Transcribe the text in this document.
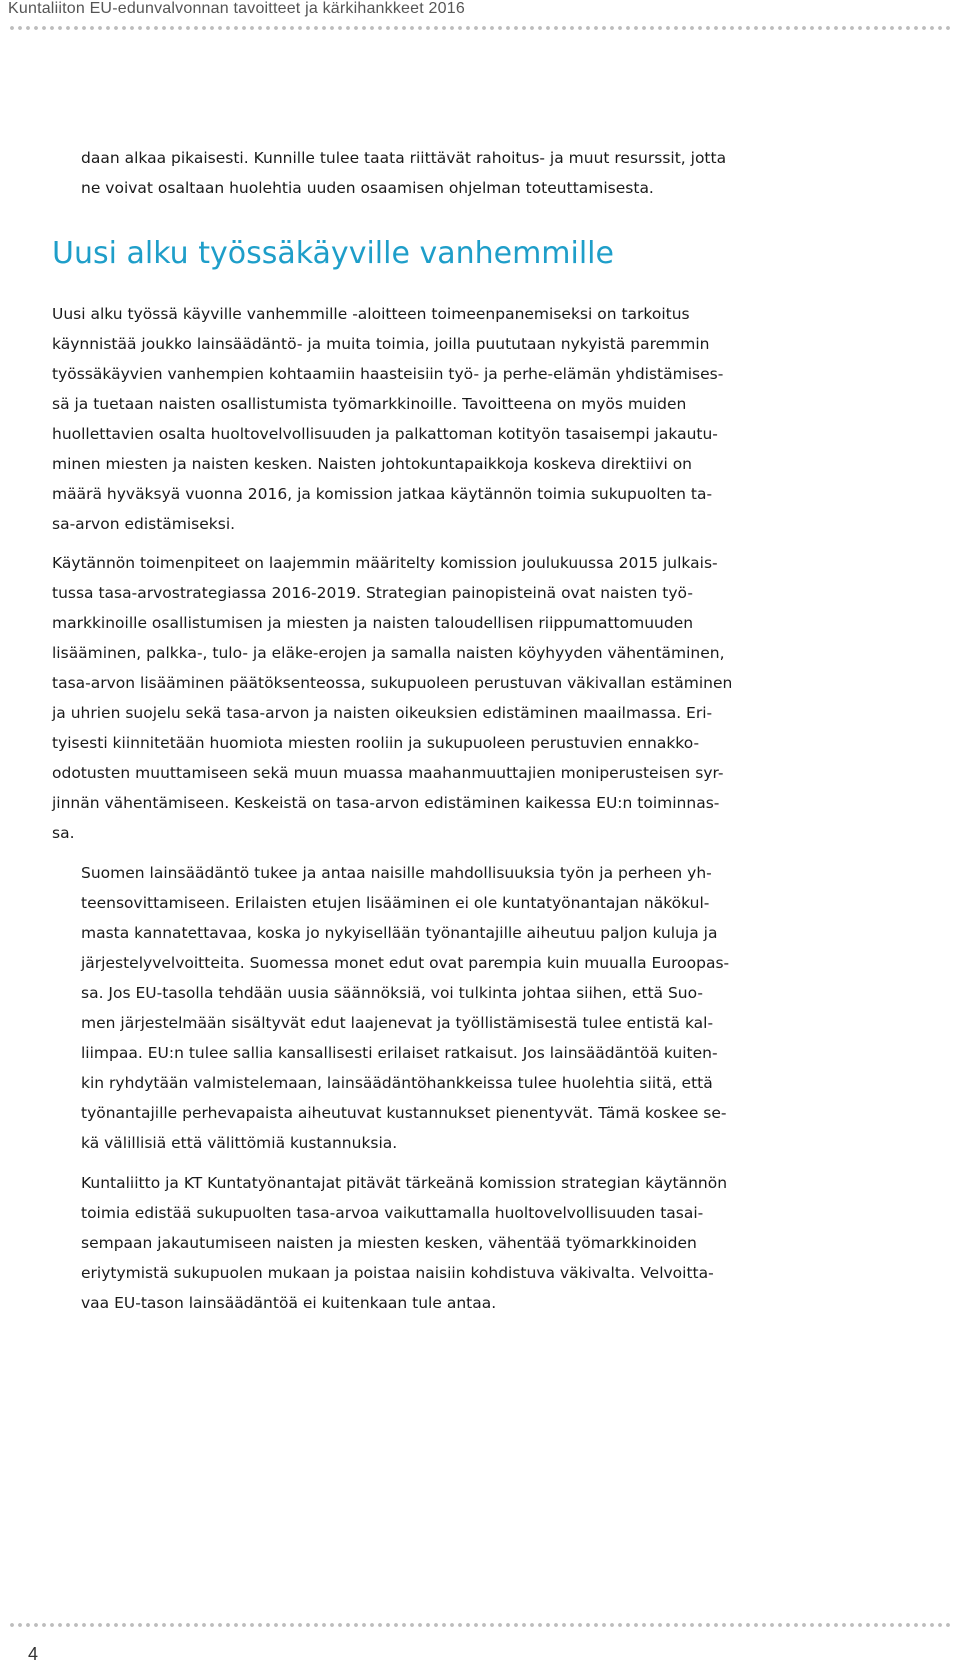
Kuntaliiton EU-edunvalvonnan tavoitteet ja kärkihankkeet 2016

daan alkaa pikaisesti. Kunnille tulee taata riittävät rahoitus- ja muut resurssit, jotta
ne voivat osaltaan huolehtia uuden osaamisen ohjelman toteuttamisesta.

Uusi alku työssäkäyville vanhemmille

Uusi alku työssä käyville vanhemmille -aloitteen toimeenpanemiseksi on tarkoitus
käynnistää joukko lainsäädäntö- ja muita toimia, joilla puututaan nykyistä paremmin
työssäkäyvien vanhempien kohtaamiin haasteisiin työ- ja perhe-elämän yhdistämises-
sä ja tuetaan naisten osallistumista työmarkkinoille. Tavoitteena on myös muiden
huollettavien osalta huoltovelvollisuuden ja palkattoman kotityön tasaisempi jakautu-
minen miesten ja naisten kesken. Naisten johtokuntapaikkoja koskeva direktiivi on
määrä hyväksyä vuonna 2016, ja komission jatkaa käytännön toimia sukupuolten ta-
sa-arvon edistämiseksi.

Käytännön toimenpiteet on laajemmin määritelty komission joulukuussa 2015 julkais-
tussa tasa-arvostrategiassa 2016-2019. Strategian painopisteinä ovat naisten työ-
markkinoille osallistumisen ja miesten ja naisten taloudellisen riippumattomuuden
lisääminen, palkka-, tulo- ja eläke-erojen ja samalla naisten köyhyyden vähentäminen,
tasa-arvon lisääminen päätöksenteossa, sukupuoleen perustuvan väkivallan estäminen
ja uhrien suojelu sekä tasa-arvon ja naisten oikeuksien edistäminen maailmassa. Eri-
tyisesti kiinnitetään huomiota miesten rooliin ja sukupuoleen perustuvien ennakko-
odotusten muuttamiseen sekä muun muassa maahanmuuttajien moniperusteisen syr-
jinnän vähentämiseen. Keskeistä on tasa-arvon edistäminen kaikessa EU:n toiminnas-
sa.

Suomen lainsäädäntö tukee ja antaa naisille mahdollisuuksia työn ja perheen yh-
teensovittamiseen. Erilaisten etujen lisääminen ei ole kuntatyönantajan näkökul-
masta kannatettavaa, koska jo nykyisellään työnantajille aiheutuu paljon kuluja ja
järjestelyvelvoitteita. Suomessa monet edut ovat parempia kuin muualla Euroopas-
sa. Jos EU-tasolla tehdään uusia säännöksiä, voi tulkinta johtaa siihen, että Suo-
men järjestelmään sisältyvät edut laajenevat ja työllistämisestä tulee entistä kal-
liimpaa. EU:n tulee sallia kansallisesti erilaiset ratkaisut. Jos lainsäädäntöä kuiten-
kin ryhdytään valmistelemaan, lainsäädäntöhankkeissa tulee huolehtia siitä, että
työnantajille perhevapaista aiheutuvat kustannukset pienentyvät. Tämä koskee se-
kä välillisiä että välittömiä kustannuksia.

Kuntaliitto ja KT Kuntatyönantajat pitävät tärkeänä komission strategian käytännön
toimia edistää sukupuolten tasa-arvoa vaikuttamalla huoltovelvollisuuden tasai-
sempaan jakautumiseen naisten ja miesten kesken, vähentää työmarkkinoiden
eriytymistä sukupuolen mukaan ja poistaa naisiin kohdistuva väkivalta. Velvoitta-
vaa EU-tason lainsäädäntöä ei kuitenkaan tule antaa.

4
